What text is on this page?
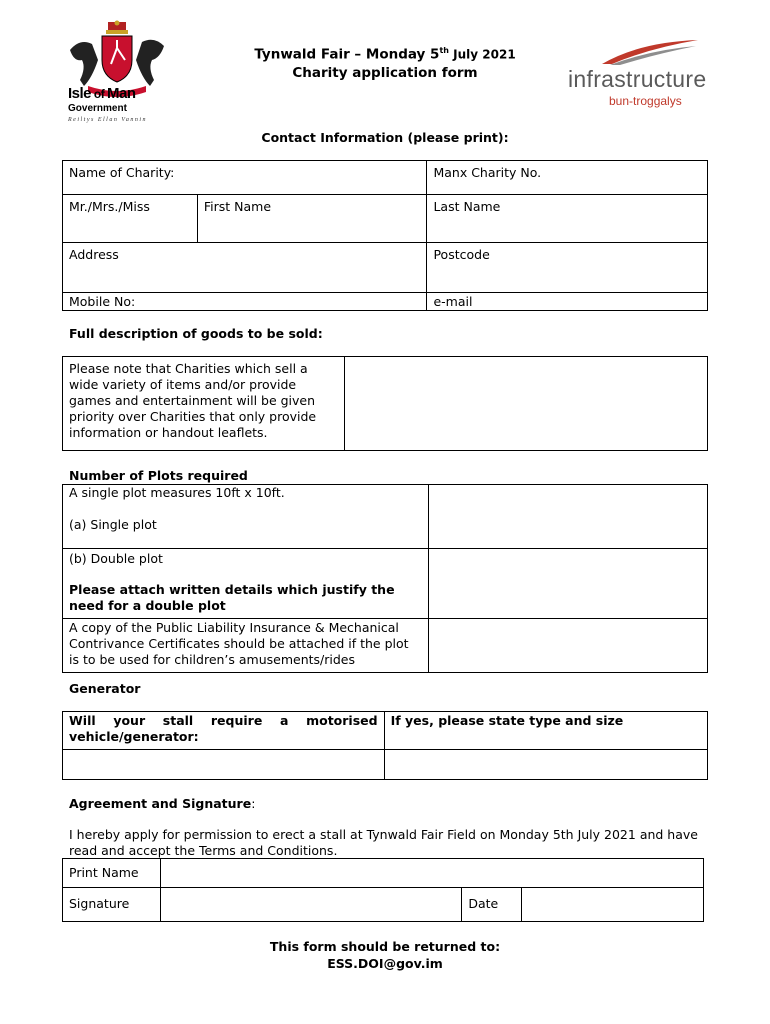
Isle of Man
Government
Reiltys Ellan Vannin
Tynwald Fair – Monday 5th July 2021
Charity application form	infrastructure
bun-troggalys
Contact Information (please print):
Name of Charity:		Manx Charity No.
Mr./Mrs./Miss	First Name	Last Name
Address		Postcode
Mobile No:		e-mail
Full description of goods to be sold:
Please note that Charities which sell a wide variety of items and/or provide games and entertainment will be given priority over Charities that only provide information or handout leaflets.	
Number of Plots required
A single plot measures 10ft x 10ft.
(a) Single plot	

(b) Double plot
Please attach written details which justify the need for a double plot	

A copy of the Public Liability Insurance & Mechanical Contrivance Certificates should be attached if the plot is to be used for children’s amusements/rides	
Generator
Will your stall require a motorised vehicle/generator:	If yes, please state type and size

Agreement and Signature:
I hereby apply for permission to erect a stall at Tynwald Fair Field on Monday 5th July 2021 and have read and accept the Terms and Conditions.
Print Name			
Signature		Date	
This form should be returned to:
ESS.DOI@gov.im
